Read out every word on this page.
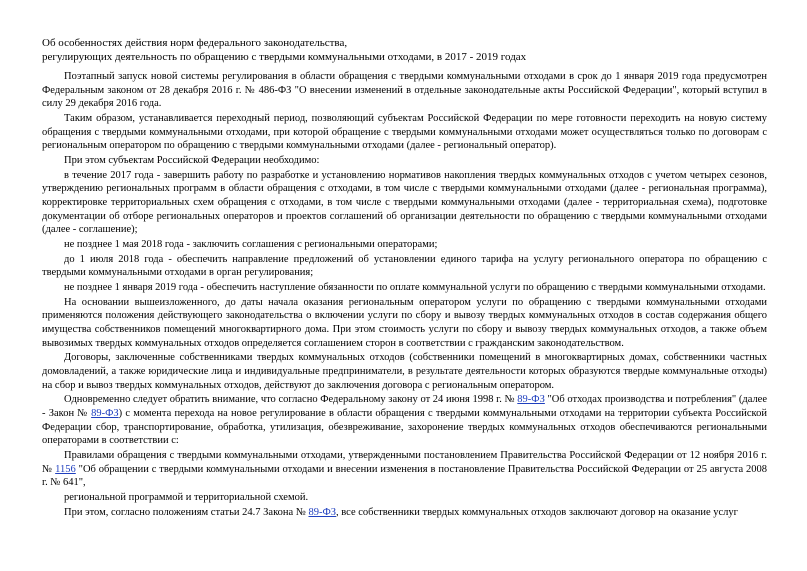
Об особенностях действия норм федерального законодательства,
регулирующих деятельность по обращению с твердыми коммунальными отходами, в 2017 - 2019 годах

Поэтапный запуск новой системы регулирования в области обращения с твердыми коммунальными отходами в срок до 1 января 2019 года предусмотрен Федеральным законом от 28 декабря 2016 г. № 486-ФЗ "О внесении изменений в отдельные законодательные акты Российской Федерации", который вступил в силу 29 декабря 2016 года.

Таким образом, устанавливается переходный период, позволяющий субъектам Российской Федерации по мере готовности переходить на новую систему обращения с твердыми коммунальными отходами, при которой обращение с твердыми коммунальными отходами может осуществляться только по договорам с региональным оператором по обращению с твердыми коммунальными отходами (далее - региональный оператор).

При этом субъектам Российской Федерации необходимо:

в течение 2017 года - завершить работу по разработке и установлению нормативов накопления твердых коммунальных отходов с учетом четырех сезонов, утверждению региональных программ в области обращения с отходами, в том числе с твердыми коммунальными отходами (далее - региональная программа), корректировке территориальных схем обращения с отходами, в том числе с твердыми коммунальными отходами (далее - территориальная схема), подготовке документации об отборе региональных операторов и проектов соглашений об организации деятельности по обращению с твердыми коммунальными отходами (далее - соглашение);

не позднее 1 мая 2018 года - заключить соглашения с региональными операторами;

до 1 июля 2018 года - обеспечить направление предложений об установлении единого тарифа на услугу регионального оператора по обращению с твердыми коммунальными отходами в орган регулирования;

не позднее 1 января 2019 года - обеспечить наступление обязанности по оплате коммунальной услуги по обращению с твердыми коммунальными отходами.

На основании вышеизложенного, до даты начала оказания региональным оператором услуги по обращению с твердыми коммунальными отходами применяются положения действующего законодательства о включении услуги по сбору и вывозу твердых коммунальных отходов в состав содержания общего имущества собственников помещений многоквартирного дома. При этом стоимость услуги по сбору и вывозу твердых коммунальных отходов, а также объем вывозимых твердых коммунальных отходов определяется соглашением сторон в соответствии с гражданским законодательством.

Договоры, заключенные собственниками твердых коммунальных отходов (собственники помещений в многоквартирных домах, собственники частных домовладений, а также юридические лица и индивидуальные предприниматели, в результате деятельности которых образуются твердые коммунальные отходы) на сбор и вывоз твердых коммунальных отходов, действуют до заключения договора с региональным оператором.

Одновременно следует обратить внимание, что согласно Федеральному закону от 24 июня 1998 г. № 89-ФЗ "Об отходах производства и потребления" (далее - Закон № 89-ФЗ) с момента перехода на новое регулирование в области обращения с твердыми коммунальными отходами на территории субъекта Российской Федерации сбор, транспортирование, обработка, утилизация, обезвреживание, захоронение твердых коммунальных отходов обеспечиваются региональными операторами в соответствии с:

Правилами обращения с твердыми коммунальными отходами, утвержденными постановлением Правительства Российской Федерации от 12 ноября 2016 г. № 1156 "Об обращении с твердыми коммунальными отходами и внесении изменения в постановление Правительства Российской Федерации от 25 августа 2008 г. № 641",

региональной программой и территориальной схемой.

При этом, согласно положениям статьи 24.7 Закона № 89-ФЗ, все собственники твердых коммунальных отходов заключают договор на оказание услуг
